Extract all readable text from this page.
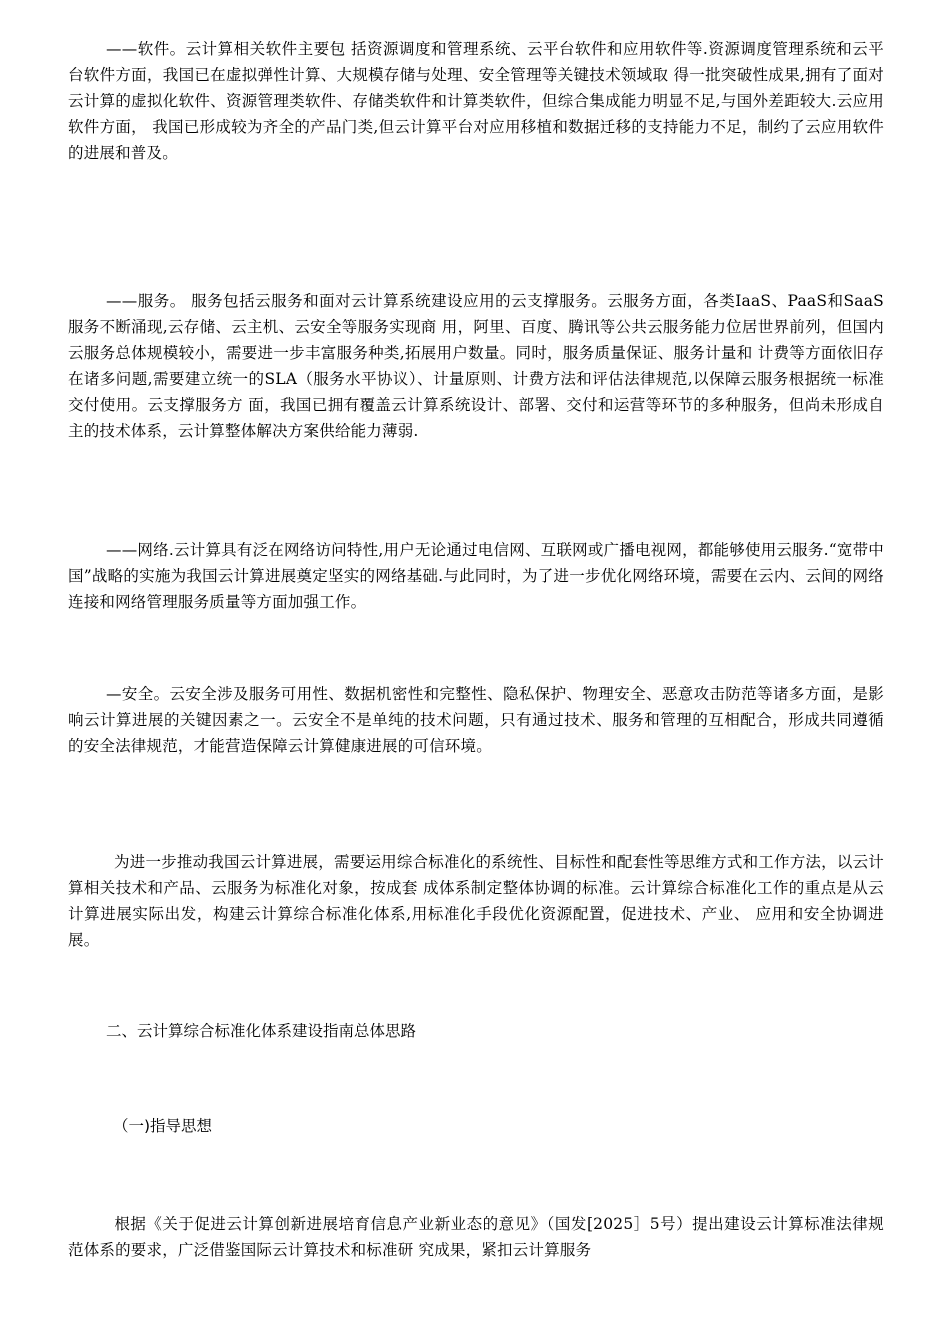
——软件。云计算相关软件主要包 括资源调度和管理系统、云平台软件和应用软件等.资源调度管理系统和云平台软件方面，我国已在虚拟弹性计算、大规模存储与处理、安全管理等关键技术领域取 得一批突破性成果,拥有了面对云计算的虚拟化软件、资源管理类软件、存储类软件和计算类软件，但综合集成能力明显不足,与国外差距较大.云应用软件方面， 我国已形成较为齐全的产品门类,但云计算平台对应用移植和数据迁移的支持能力不足，制约了云应用软件的进展和普及。

——服务。 服务包括云服务和面对云计算系统建设应用的云支撑服务。云服务方面，各类IaaS、PaaS和SaaS服务不断涌现,云存储、云主机、云安全等服务实现商 用，阿里、百度、腾讯等公共云服务能力位居世界前列，但国内云服务总体规模较小，需要进一步丰富服务种类,拓展用户数量。同时，服务质量保证、服务计量和 计费等方面依旧存在诸多问题,需要建立统一的SLA（服务水平协议）、计量原则、计费方法和评估法律规范,以保障云服务根据统一标准交付使用。云支撑服务方 面，我国已拥有覆盖云计算系统设计、部署、交付和运营等环节的多种服务，但尚未形成自主的技术体系，云计算整体解决方案供给能力薄弱.

——网络.云计算具有泛在网络访问特性,用户无论通过电信网、互联网或广播电视网，都能够使用云服务.“宽带中国”战略的实施为我国云计算进展奠定坚实的网络基础.与此同时，为了进一步优化网络环境，需要在云内、云间的网络连接和网络管理服务质量等方面加强工作。

—安全。云安全涉及服务可用性、数据机密性和完整性、隐私保护、物理安全、恶意攻击防范等诸多方面，是影响云计算进展的关键因素之一。云安全不是单纯的技术问题，只有通过技术、服务和管理的互相配合，形成共同遵循的安全法律规范，才能营造保障云计算健康进展的可信环境。

为进一步推动我国云计算进展，需要运用综合标准化的系统性、目标性和配套性等思维方式和工作方法，以云计算相关技术和产品、云服务为标准化对象，按成套 成体系制定整体协调的标准。云计算综合标准化工作的重点是从云计算进展实际出发，构建云计算综合标准化体系,用标准化手段优化资源配置，促进技术、产业、 应用和安全协调进展。

二、云计算综合标准化体系建设指南总体思路
（一)指导思想

根据《关于促进云计算创新进展培育信息产业新业态的意见》（国发[2025］5号）提出建设云计算标准法律规范体系的要求，广泛借鉴国际云计算技术和标准研 究成果，紧扣云计算服务
